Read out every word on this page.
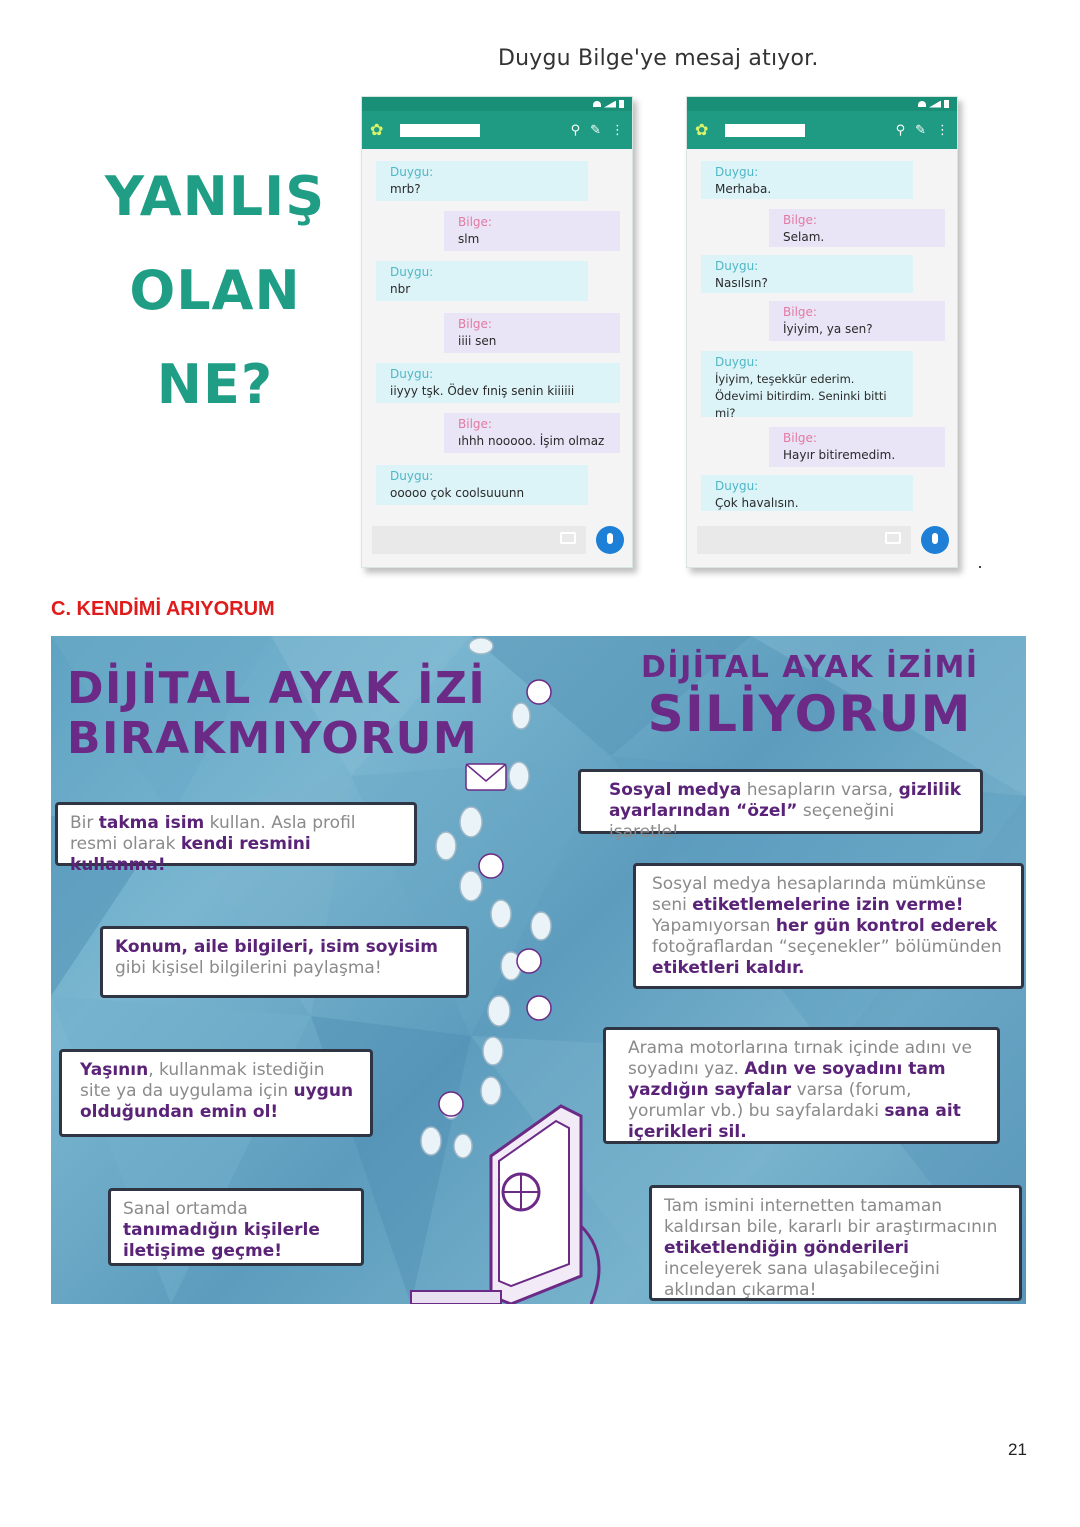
Duygu Bilge'ye mesaj atıyor.
YANLIŞ
OLAN
NE?
✿	⚲ ✎ ⋮
Duygu:
mrb?
Bilge:
slm
Duygu:
nbr
Bilge:
iiii sen
Duygu:
iiyyy tşk. Ödev fıniş senin kiiiiii
Bilge:
ıhhh nooooo. İşim olmaz
Duygu:
ooooo çok coolsuuunn
✿	⚲ ✎ ⋮
Duygu:
Merhaba.
Bilge:
Selam.
Duygu:
Nasılsın?
Bilge:
İyiyim, ya sen?
Duygu:
İyiyim, teşekkür ederim. Ödevimi bitirdim. Seninki bitti mi?
Bilge:
Hayır bitiremedim.
Duygu:
Çok havalısın.
C. KENDİMİ ARIYORUM
DİJİTAL AYAK İZİ
BIRAKMIYORUM
DİJİTAL AYAK İZİMİ
SİLİYORUM
Bir takma isim kullan. Asla profil resmi olarak kendi resmini kullanma!
Konum, aile bilgileri, isim soyisim gibi kişisel bilgilerini paylaşma!
Yaşının, kullanmak istediğin site ya da uygulama için uygun olduğundan emin ol!
Sanal ortamda tanımadığın kişilerle iletişime geçme!
Sosyal medya hesapların varsa, gizlilik ayarlarından “özel” seçeneğini işaretle!
Sosyal medya hesaplarında mümkünse seni etiketlemelerine izin verme! Yapamıyorsan her gün kontrol ederek fotoğraflardan “seçenekler” bölümünden etiketleri kaldır.
Arama motorlarına tırnak içinde adını ve soyadını yaz. Adın ve soyadını tam yazdığın sayfalar varsa (forum, yorumlar vb.) bu sayfalardaki sana ait içerikleri sil.
Tam ismini internetten tamaman kaldırsan bile, kararlı bir araştırmacının etiketlendiğin gönderileri inceleyerek sana ulaşabileceğini aklından çıkarma!
21
